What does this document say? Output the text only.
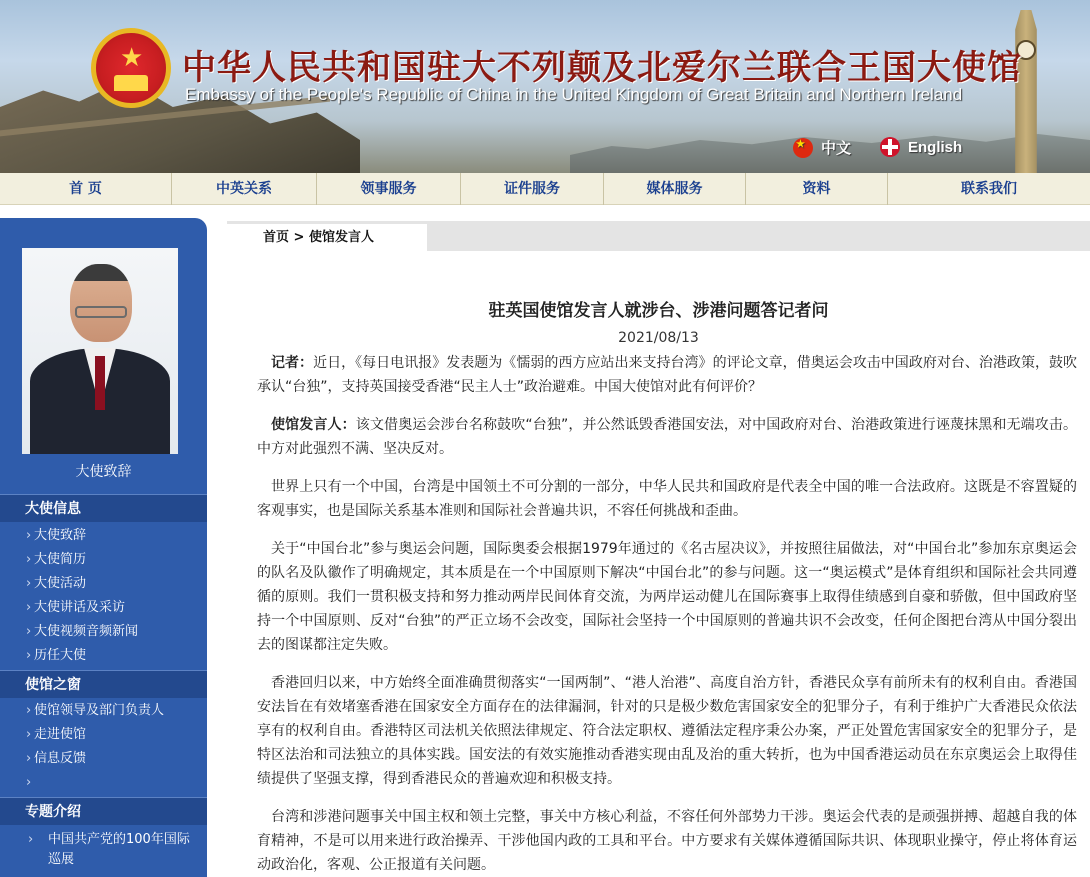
★ 中华人民共和国驻大不列颠及北爱尔兰联合王国大使馆
Embassy of the People's Republic of China in the United Kingdom of Great Britain and Northern Ireland
★
中文	English
首 页	中英关系	领事服务	证件服务	媒体服务	资料	联系我们
大使致辞
大使信息
› 大使致辞
› 大使简历
› 大使活动
› 大使讲话及采访
› 大使视频音频新闻
› 历任大使
使馆之窗
› 使馆领导及部门负责人
› 走进使馆
› 信息反馈
›
专题介绍
› 中国共产党的100年国际巡展
首页 > 使馆发言人
驻英国使馆发言人就涉台、涉港问题答记者问
2021/08/13

记者：近日，《每日电讯报》发表题为《懦弱的西方应站出来支持台湾》的评论文章，借奥运会攻击中国政府对台、治港政策，鼓吹承认“台独”，支持英国接受香港“民主人士”政治避难。中国大使馆对此有何评价？

使馆发言人：该文借奥运会涉台名称鼓吹“台独”，并公然诋毁香港国安法，对中国政府对台、治港政策进行诬蔑抹黑和无端攻击。中方对此强烈不满、坚决反对。

世界上只有一个中国，台湾是中国领土不可分割的一部分，中华人民共和国政府是代表全中国的唯一合法政府。这既是不容置疑的客观事实，也是国际关系基本准则和国际社会普遍共识，不容任何挑战和歪曲。

关于“中国台北”参与奥运会问题，国际奥委会根据1979年通过的《名古屋决议》，并按照往届做法，对“中国台北”参加东京奥运会的队名及队徽作了明确规定，其本质是在一个中国原则下解决“中国台北”的参与问题。这一“奥运模式”是体育组织和国际社会共同遵循的原则。我们一贯积极支持和努力推动两岸民间体育交流，为两岸运动健儿在国际赛事上取得佳绩感到自豪和骄傲，但中国政府坚持一个中国原则、反对“台独”的严正立场不会改变，国际社会坚持一个中国原则的普遍共识不会改变，任何企图把台湾从中国分裂出去的图谋都注定失败。

香港回归以来，中方始终全面准确贯彻落实“一国两制”、“港人治港”、高度自治方针，香港民众享有前所未有的权利自由。香港国安法旨在有效堵塞香港在国家安全方面存在的法律漏洞，针对的只是极少数危害国家安全的犯罪分子，有利于维护广大香港民众依法享有的权利自由。香港特区司法机关依照法律规定、符合法定职权、遵循法定程序秉公办案，严正处置危害国家安全的犯罪分子，是特区法治和司法独立的具体实践。国安法的有效实施推动香港实现由乱及治的重大转折，也为中国香港运动员在东京奥运会上取得佳绩提供了坚强支撑，得到香港民众的普遍欢迎和积极支持。

台湾和涉港问题事关中国主权和领土完整，事关中方核心利益，不容任何外部势力干涉。奥运会代表的是顽强拼搏、超越自我的体育精神，不是可以用来进行政治操弄、干涉他国内政的工具和平台。中方要求有关媒体遵循国际共识、体现职业操守，停止将体育运动政治化，客观、公正报道有关问题。
